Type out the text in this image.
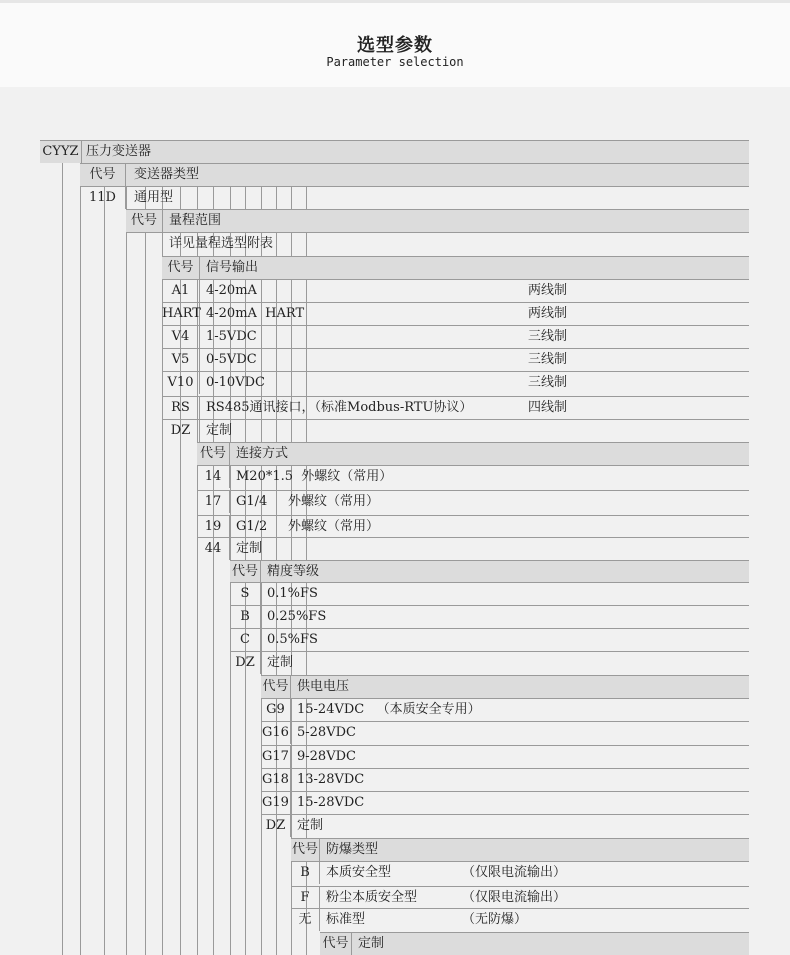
选型参数
Parameter selection
CYYZ 压力变送器
代号	变送器类型
11D	通用型
代号 量程范围
详见量程选型附表
代号 信号输出
A1	4-20mA	两线制
HART 4-20mA  HART	两线制
V4	1-5VDC	三线制
V5	0-5VDC	三线制
V10 0-10VDC	三线制
RS	RS485通讯接口，（标准Modbus-RTU协议）	四线制
DZ	定制
代号 连接方式
14	M20*1.5  外螺纹（常用）
17	G1/4     外螺纹（常用）
19	G1/2     外螺纹（常用）
44	定制
代号 精度等级
S	0.1%FS
B	0.25%FS
C	0.5%FS
DZ 定制
代号 供电电压
G9 15-24VDC   （本质安全专用）
G16 5-28VDC
G17 9-28VDC
G18 13-28VDC
G19 15-28VDC
DZ 定制
代号 防爆类型
B	本质安全型	（仅限电流输出）
F	粉尘本质安全型	（仅限电流输出）
无	标准型	（无防爆）
代号 定制
